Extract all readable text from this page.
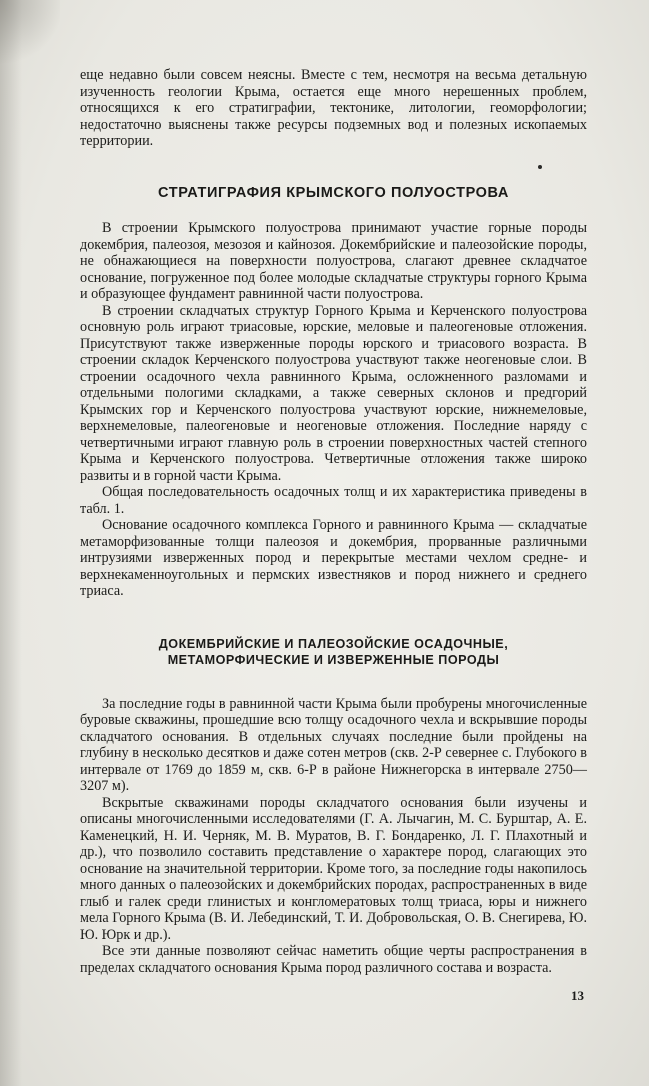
еще недавно были совсем неясны. Вместе с тем, несмотря на весьма детальную изученность геологии Крыма, остается еще много нерешенных проблем, относящихся к его стратиграфии, тектонике, литологии, геоморфологии; недостаточно выяснены также ресурсы подземных вод и полезных ископаемых территории.

СТРАТИГРАФИЯ КРЫМСКОГО ПОЛУОСТРОВА

В строении Крымского полуострова принимают участие горные породы докембрия, палеозоя, мезозоя и кайнозоя. Докембрийские и палеозойские породы, не обнажающиеся на поверхности полуострова, слагают древнее складчатое основание, погруженное под более молодые складчатые структуры горного Крыма и образующее фундамент равнинной части полуострова.

В строении складчатых структур Горного Крыма и Керченского полуострова основную роль играют триасовые, юрские, меловые и палеогеновые отложения. Присутствуют также изверженные породы юрского и триасового возраста. В строении складок Керченского полуострова участвуют также неогеновые слои. В строении осадочного чехла равнинного Крыма, осложненного разломами и отдельными пологими складками, а также северных склонов и предгорий Крымских гор и Керченского полуострова участвуют юрские, нижнемеловые, верхнемеловые, палеогеновые и неогеновые отложения. Последние наряду с четвертичными играют главную роль в строении поверхностных частей степного Крыма и Керченского полуострова. Четвертичные отложения также широко развиты и в горной части Крыма.

Общая последовательность осадочных толщ и их характеристика приведены в табл. 1.

Основание осадочного комплекса Горного и равнинного Крыма — складчатые метаморфизованные толщи палеозоя и докембрия, прорванные различными интрузиями изверженных пород и перекрытые местами чехлом средне- и верхнекаменноугольных и пермских известняков и пород нижнего и среднего триаса.

ДОКЕМБРИЙСКИЕ И ПАЛЕОЗОЙСКИЕ ОСАДОЧНЫЕ,
МЕТАМОРФИЧЕСКИЕ И ИЗВЕРЖЕННЫЕ ПОРОДЫ

За последние годы в равнинной части Крыма были пробурены многочисленные буровые скважины, прошедшие всю толщу осадочного чехла и вскрывшие породы складчатого основания. В отдельных случаях последние были пройдены на глубину в несколько десятков и даже сотен метров (скв. 2-Р севернее с. Глубокого в интервале от 1769 до 1859 м, скв. 6-Р в районе Нижнегорска в интервале 2750—3207 м).

Вскрытые скважинами породы складчатого основания были изучены и описаны многочисленными исследователями (Г. А. Лычагин, М. С. Бурштар, А. Е. Каменецкий, Н. И. Черняк, М. В. Муратов, В. Г. Бондаренко, Л. Г. Плахотный и др.), что позволило составить представление о характере пород, слагающих это основание на значительной территории. Кроме того, за последние годы накопилось много данных о палеозойских и докембрийских породах, распространенных в виде глыб и галек среди глинистых и конгломератовых толщ триаса, юры и нижнего мела Горного Крыма (В. И. Лебединский, Т. И. Добровольская, О. В. Снегирева, Ю. Ю. Юрк и др.).

Все эти данные позволяют сейчас наметить общие черты распространения в пределах складчатого основания Крыма пород различного состава и возраста.

13
